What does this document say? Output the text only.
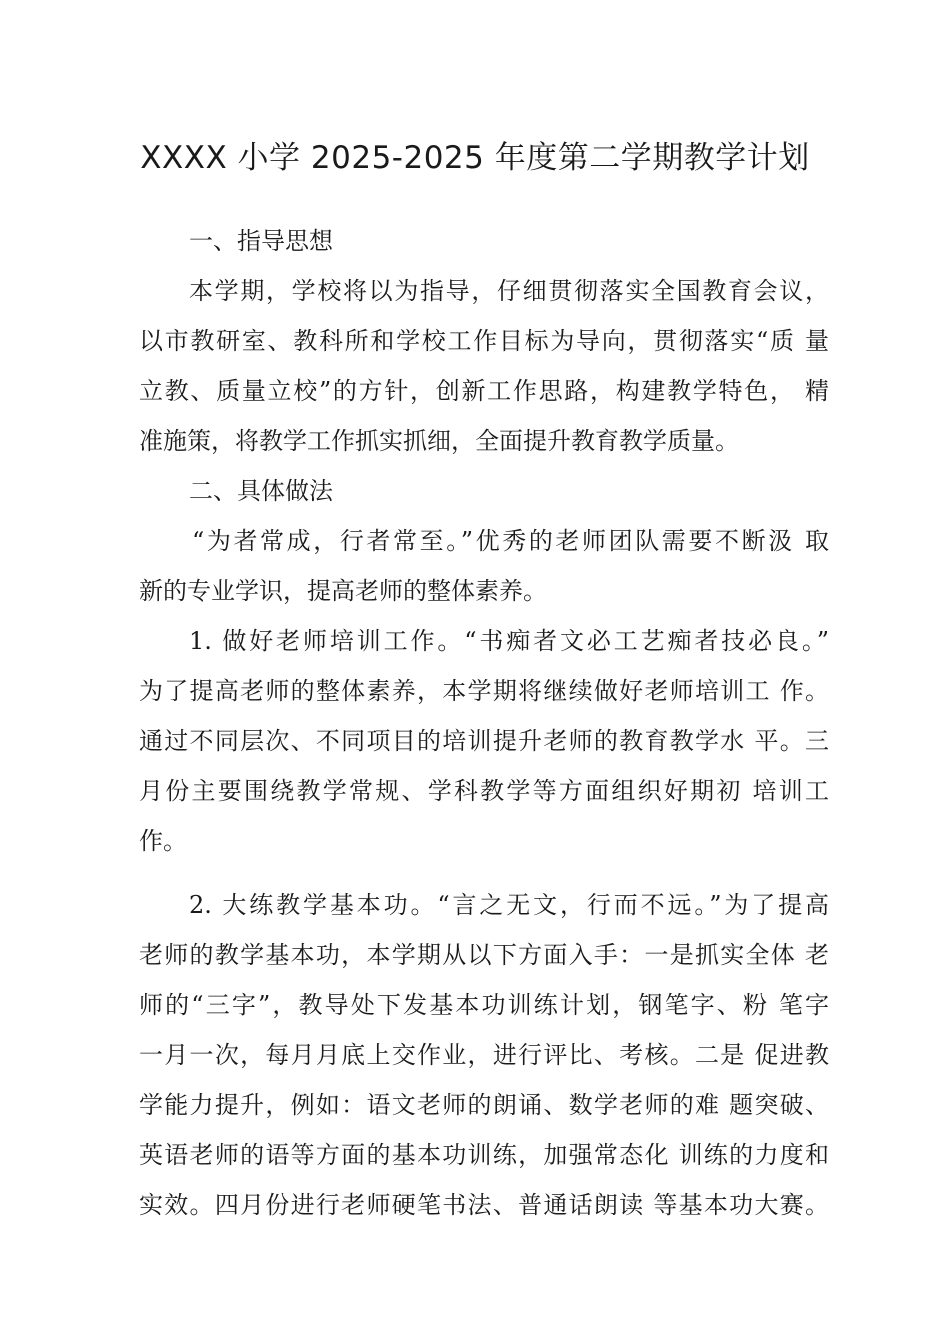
XXXX 小学 2025-2025 年度第二学期教学计划
一、指导思想
本学期，学校将以为指导，仔细贯彻落实全国教育会议，
以市教研室、教科所和学校工作目标为导向，贯彻落实“质 量
立教、质量立校”的方针，创新工作思路，构建教学特色， 精
准施策，将教学工作抓实抓细，全面提升教育教学质量。
二、具体做法
“为者常成，行者常至。”优秀的老师团队需要不断汲 取
新的专业学识，提高老师的整体素养。
1. 做好老师培训工作。“书痴者文必工艺痴者技必良。”
为了提高老师的整体素养，本学期将继续做好老师培训工 作。
通过不同层次、不同项目的培训提升老师的教育教学水 平。三
月份主要围绕教学常规、学科教学等方面组织好期初 培训工
作。
2. 大练教学基本功。“言之无文，行而不远。”为了提高
老师的教学基本功，本学期从以下方面入手：一是抓实全体 老
师的“三字”，教导处下发基本功训练计划，钢笔字、粉 笔字
一月一次，每月月底上交作业，进行评比、考核。二是 促进教
学能力提升，例如：语文老师的朗诵、数学老师的难 题突破、
英语老师的语等方面的基本功训练，加强常态化 训练的力度和
实效。四月份进行老师硬笔书法、普通话朗读 等基本功大赛。
